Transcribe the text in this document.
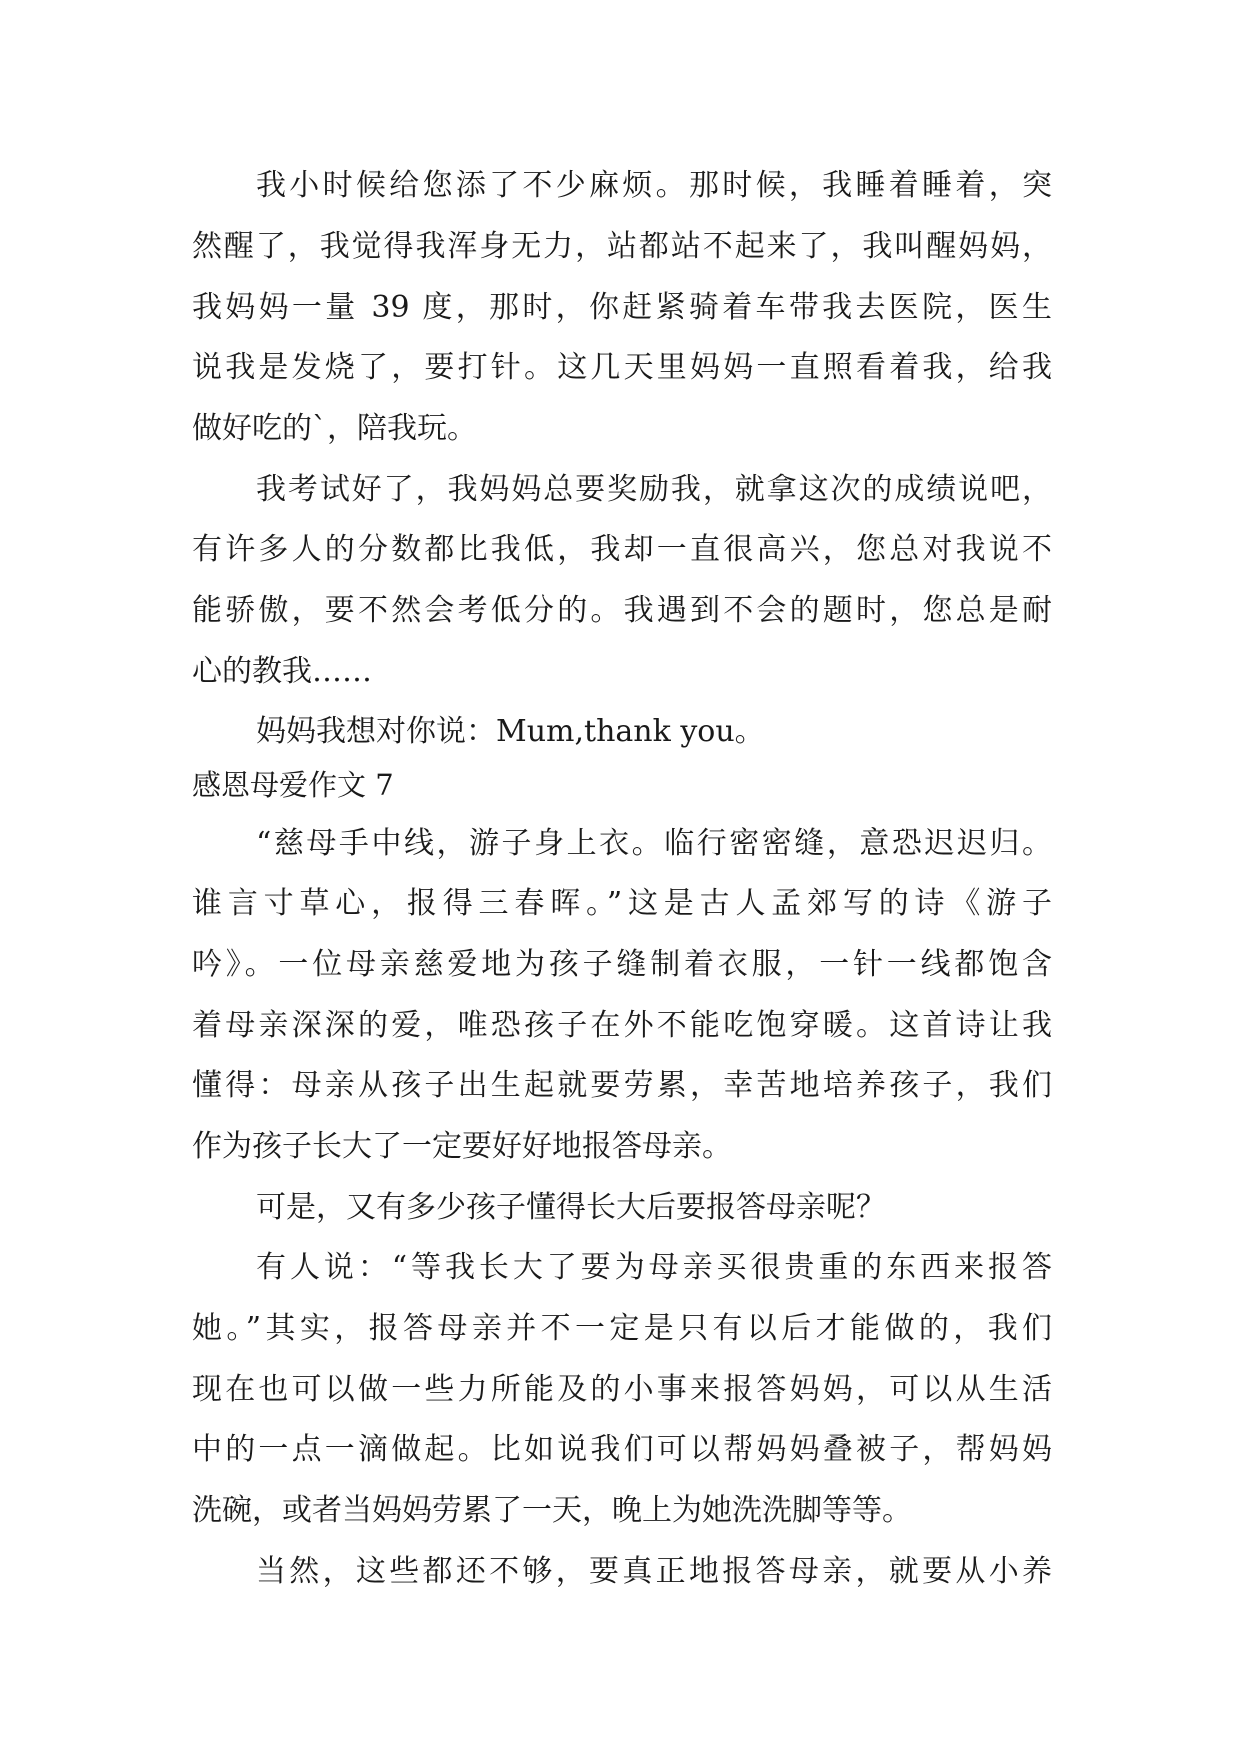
我小时候给您添了不少麻烦。那时候，我睡着睡着，突

然醒了，我觉得我浑身无力，站都站不起来了，我叫醒妈妈，

我妈妈一量 39 度，那时，你赶紧骑着车带我去医院，医生

说我是发烧了，要打针。这几天里妈妈一直照看着我，给我

做好吃的`，陪我玩。

我考试好了，我妈妈总要奖励我，就拿这次的成绩说吧，

有许多人的分数都比我低，我却一直很高兴，您总对我说不

能骄傲，要不然会考低分的。我遇到不会的题时，您总是耐

心的教我……

妈妈我想对你说：Mum,thank you。

感恩母爱作文 7

“慈母手中线，游子身上衣。临行密密缝，意恐迟迟归。

谁言寸草心，报得三春晖。”这是古人孟郊写的诗《游子

吟》。一位母亲慈爱地为孩子缝制着衣服，一针一线都饱含

着母亲深深的爱，唯恐孩子在外不能吃饱穿暖。这首诗让我

懂得：母亲从孩子出生起就要劳累，幸苦地培养孩子，我们

作为孩子长大了一定要好好地报答母亲。

可是，又有多少孩子懂得长大后要报答母亲呢？

有人说：“等我长大了要为母亲买很贵重的东西来报答

她。”其实，报答母亲并不一定是只有以后才能做的，我们

现在也可以做一些力所能及的小事来报答妈妈，可以从生活

中的一点一滴做起。比如说我们可以帮妈妈叠被子，帮妈妈

洗碗，或者当妈妈劳累了一天，晚上为她洗洗脚等等。

当然，这些都还不够，要真正地报答母亲，就要从小养
